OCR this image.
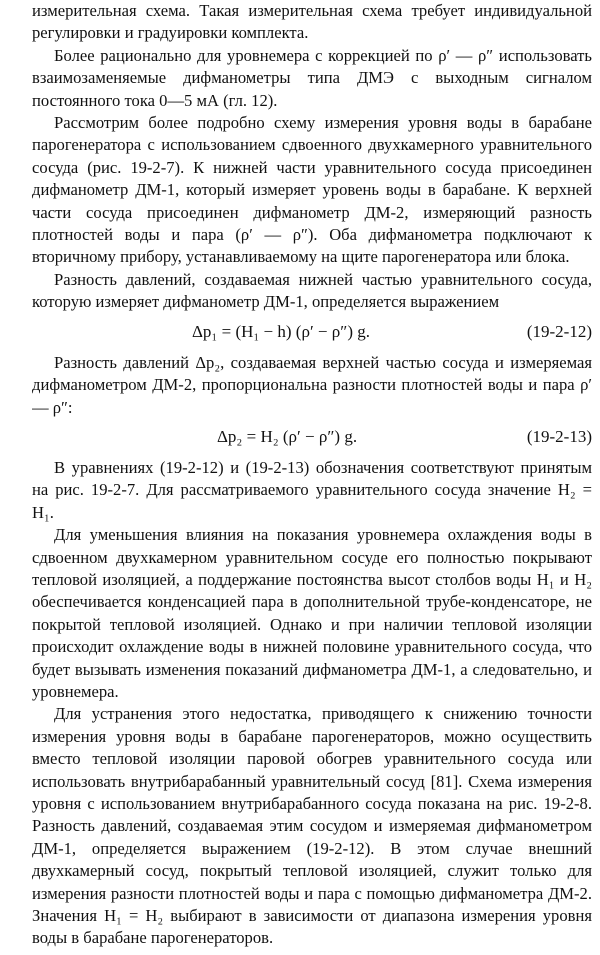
измерительная схема. Такая измерительная схема требует индивидуальной регулировки и градуировки комплекта.

Более рационально для уровнемера с коррекцией по ρ′ — ρ″ использовать взаимозаменяемые дифманометры типа ДМЭ с выходным сигналом постоянного тока 0—5 мА (гл. 12).

Рассмотрим более подробно схему измерения уровня воды в барабане парогенератора с использованием сдвоенного двухкамерного уравнительного сосуда (рис. 19-2-7). К нижней части уравнительного сосуда присоединен дифманометр ДМ-1, который измеряет уровень воды в барабане. К верхней части сосуда присоединен дифманометр ДМ-2, измеряющий разность плотностей воды и пара (ρ′ — ρ″). Оба дифманометра подключают к вторичному прибору, устанавливаемому на щите парогенератора или блока.

Разность давлений, создаваемая нижней частью уравнительного сосуда, которую измеряет дифманометр ДМ-1, определяется выражением

Δp₁ = (H₁ − h) (ρ′ − ρ″) g.	(19-2-12)

Разность давлений Δp₂, создаваемая верхней частью сосуда и измеряемая дифманометром ДМ-2, пропорциональна разности плотностей воды и пара ρ′ — ρ″:

Δp₂ = H₂ (ρ′ − ρ″) g.	(19-2-13)

В уравнениях (19-2-12) и (19-2-13) обозначения соответствуют принятым на рис. 19-2-7. Для рассматриваемого уравнительного сосуда значение H₂ = H₁.

Для уменьшения влияния на показания уровнемера охлаждения воды в сдвоенном двухкамерном уравнительном сосуде его полностью покрывают тепловой изоляцией, а поддержание постоянства высот столбов воды H₁ и H₂ обеспечивается конденсацией пара в дополнительной трубе-конденсаторе, не покрытой тепловой изоляцией. Однако и при наличии тепловой изоляции происходит охлаждение воды в нижней половине уравнительного сосуда, что будет вызывать изменения показаний дифманометра ДМ-1, а следовательно, и уровнемера.

Для устранения этого недостатка, приводящего к снижению точности измерения уровня воды в барабане парогенераторов, можно осуществить вместо тепловой изоляции паровой обогрев уравнительного сосуда или использовать внутрибарабанный уравнительный сосуд [81]. Схема измерения уровня с использованием внутрибарабанного сосуда показана на рис. 19-2-8. Разность давлений, создаваемая этим сосудом и измеряемая дифманометром ДМ-1, определяется выражением (19-2-12). В этом случае внешний двухкамерный сосуд, покрытый тепловой изоляцией, служит только для измерения разности плотностей воды и пара с помощью дифманометра ДМ-2. Значения H₁ = H₂ выбирают в зависимости от диапазона измерения уровня воды в барабане парогенераторов.
